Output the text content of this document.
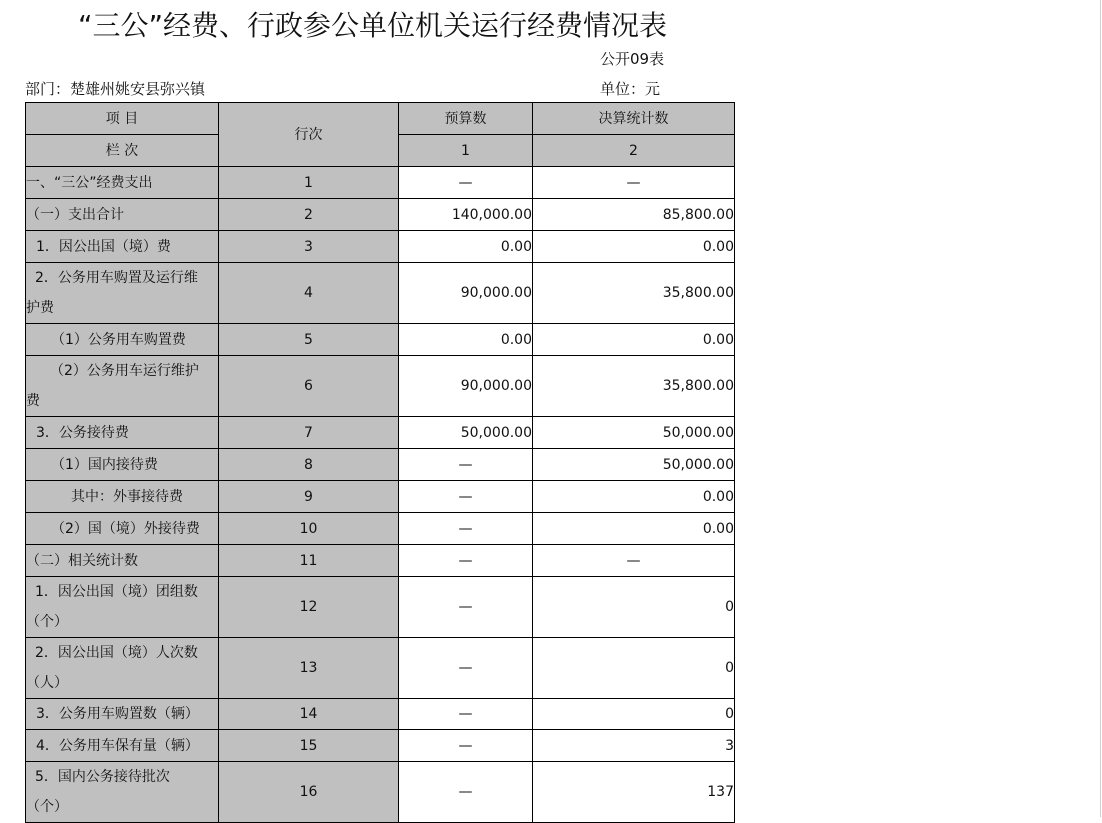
“三公”经费、行政参公单位机关运行经费情况表
公开09表
部门：楚雄州姚安县弥兴镇	单位：元
项 目	行次	预算数	决算统计数
栏 次		1	2
一、“三公”经费支出	1	—	—
（一）支出合计	2	140,000.00	85,800.00
1．因公出国（境）费	3	0.00	0.00

2．公务用车购置及运行维
护费	4	90,000.00	35,800.00
（1）公务用车购置费	5	0.00	0.00

（2）公务用车运行维护
费	6	90,000.00	35,800.00
3．公务接待费	7	50,000.00	50,000.00
（1）国内接待费	8	—	50,000.00
其中：外事接待费	9	—	0.00
（2）国（境）外接待费	10	—	0.00
（二）相关统计数	11	—	—

1．因公出国（境）团组数
（个）	12	—	0

2．因公出国（境）人次数
（人）	13	—	0
3．公务用车购置数（辆）	14	—	0
4．公务用车保有量（辆）	15	—	3

5．国内公务接待批次
（个）	16	—	137
